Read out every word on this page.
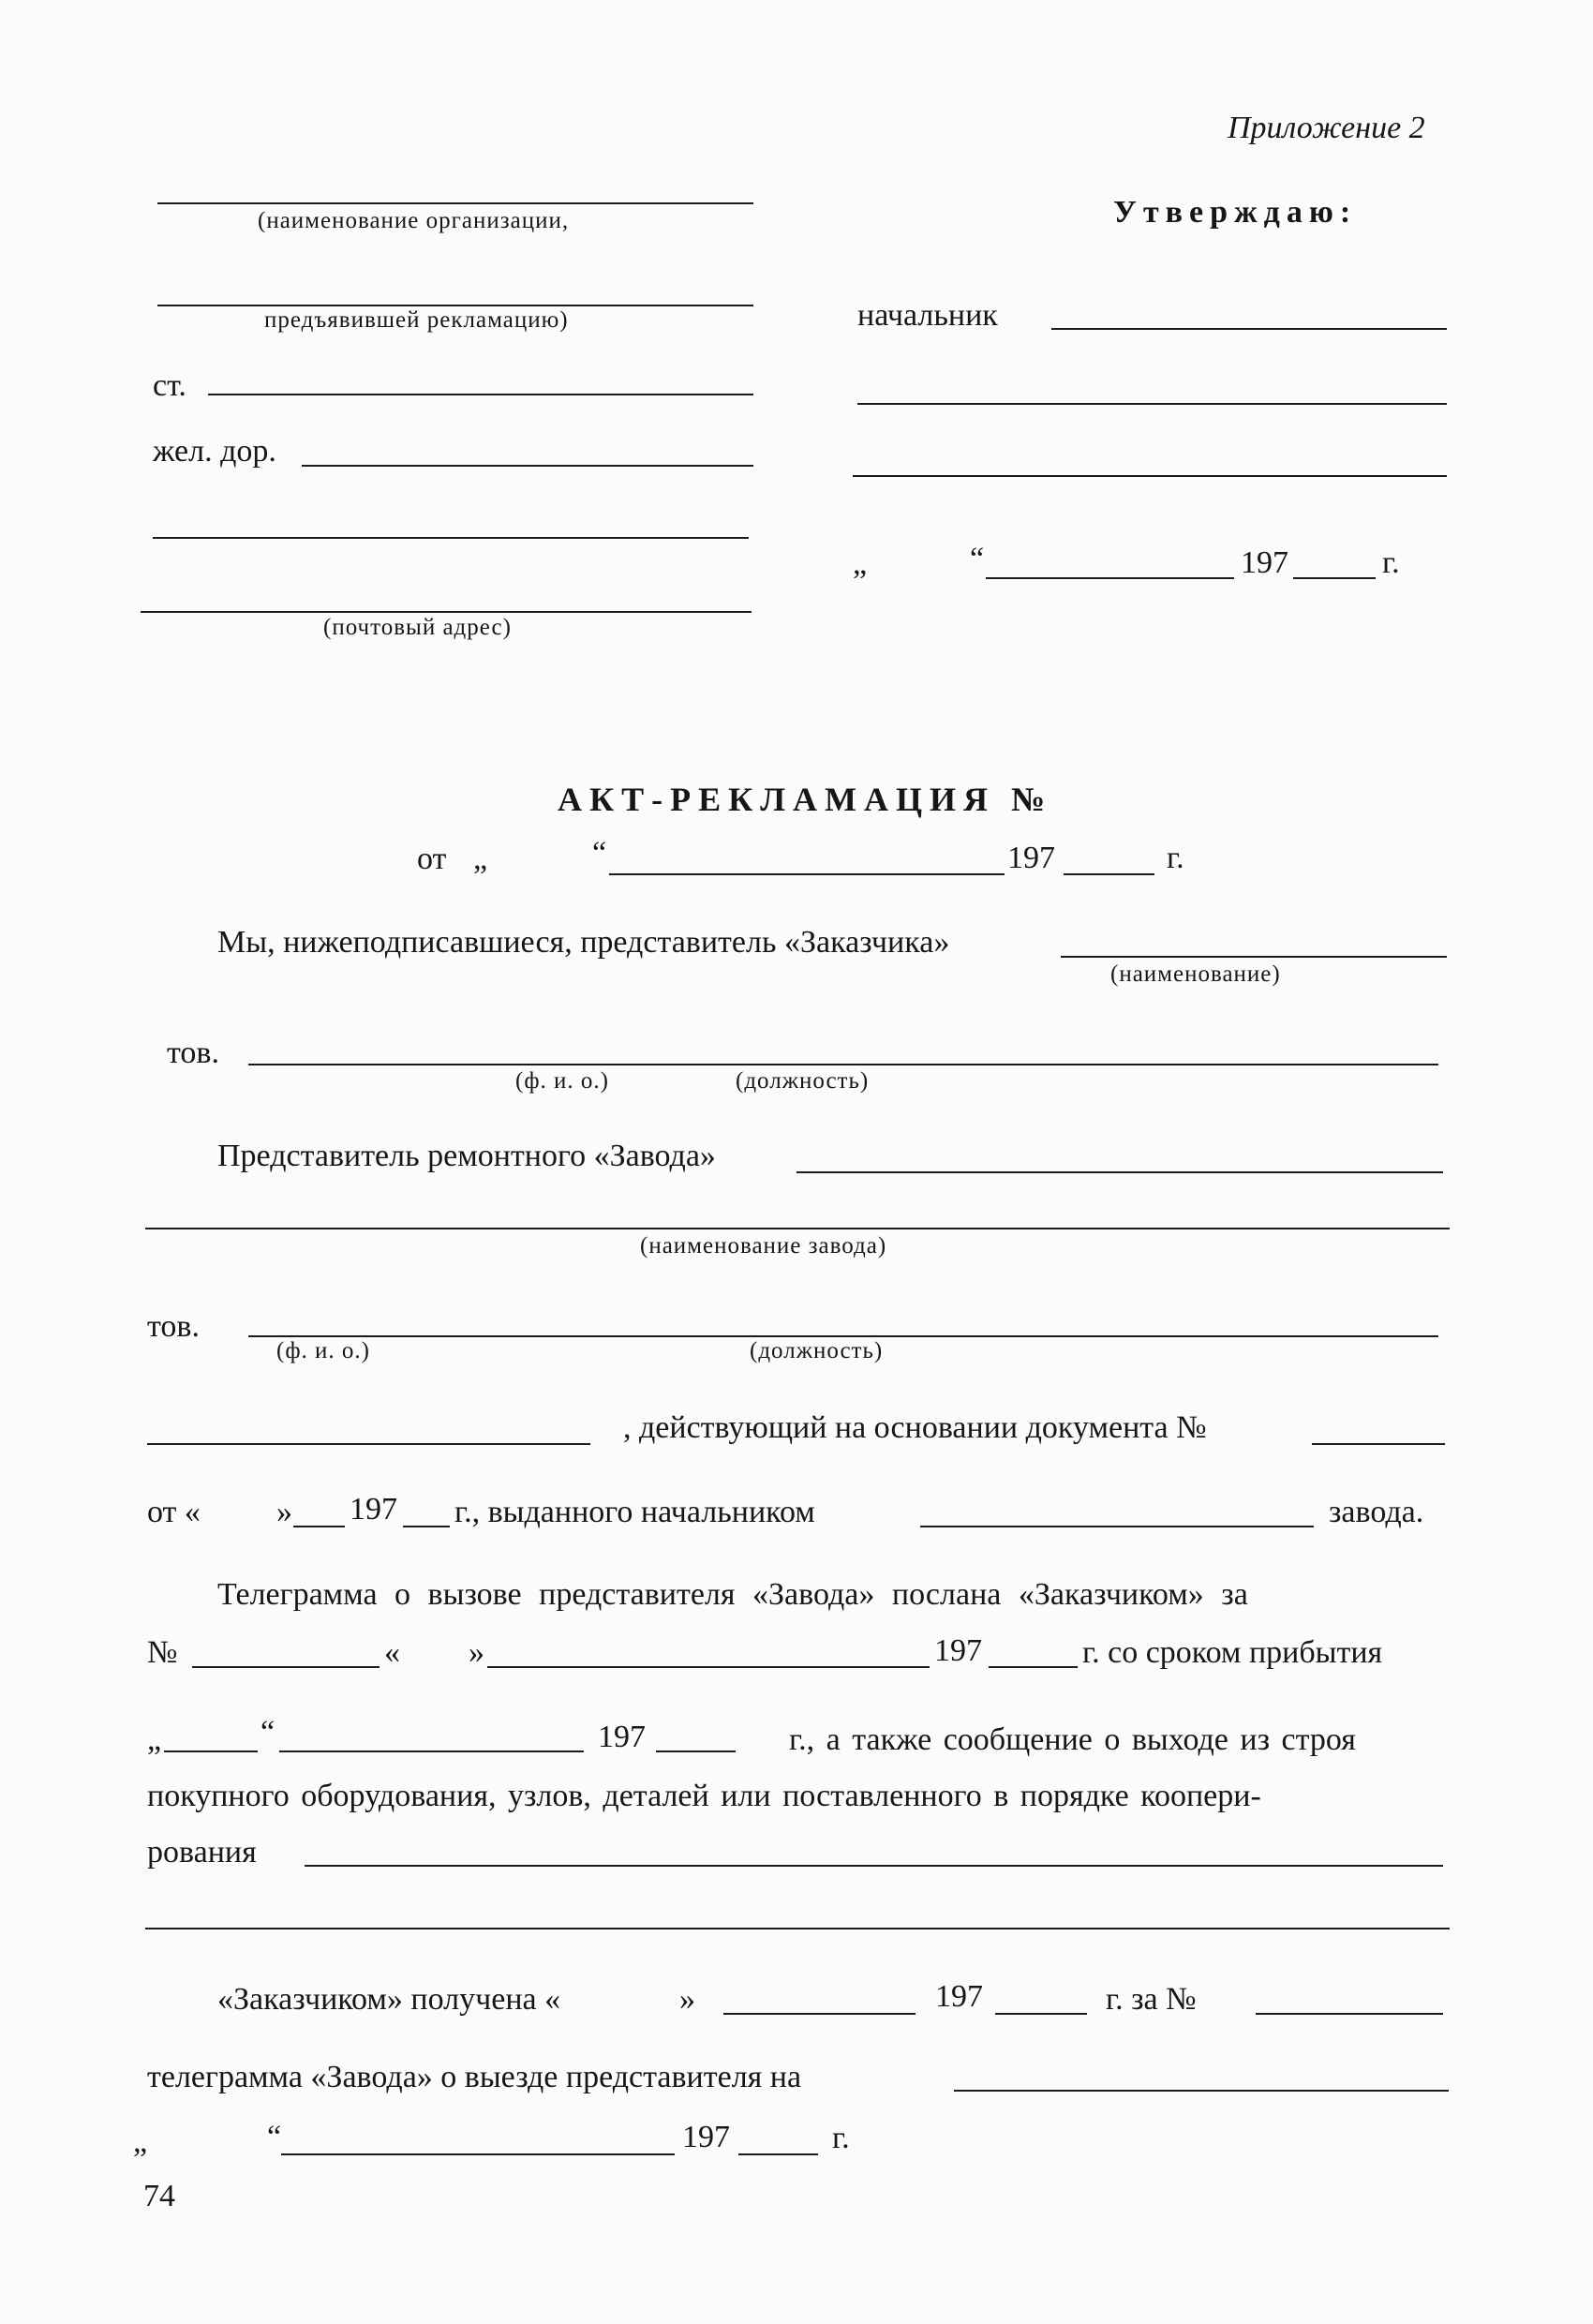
Приложение 2
(наименование организации,
предъявившей рекламацию)
ст.
жел. дор.
(почтовый адрес)
Утверждаю:
начальник
„	“	197	г.
АКТ-РЕКЛАМАЦИЯ №
от „	“	197	г.
Мы, нижеподписавшиеся, представитель «Заказчика»
(наименование)
тов.
(ф. и. о.)	(должность)
Представитель ремонтного «Завода»
(наименование завода)
тов.
(ф. и. о.)	(должность)
, действующий на основании документа №
от « » 197 г., выданного начальником	завода.
Телеграмма о вызове представителя «Завода» послана «Заказчиком» за
№	« »	197	г. со сроком прибытия
„	“	197	г., а также сообщение о выходе из строя
покупного оборудования, узлов, деталей или поставленного в порядке коопери-
рования
«Заказчиком» получена «	»	197	г. за №
телеграмма «Завода» о выезде представителя на
„	“	197	г.
74
